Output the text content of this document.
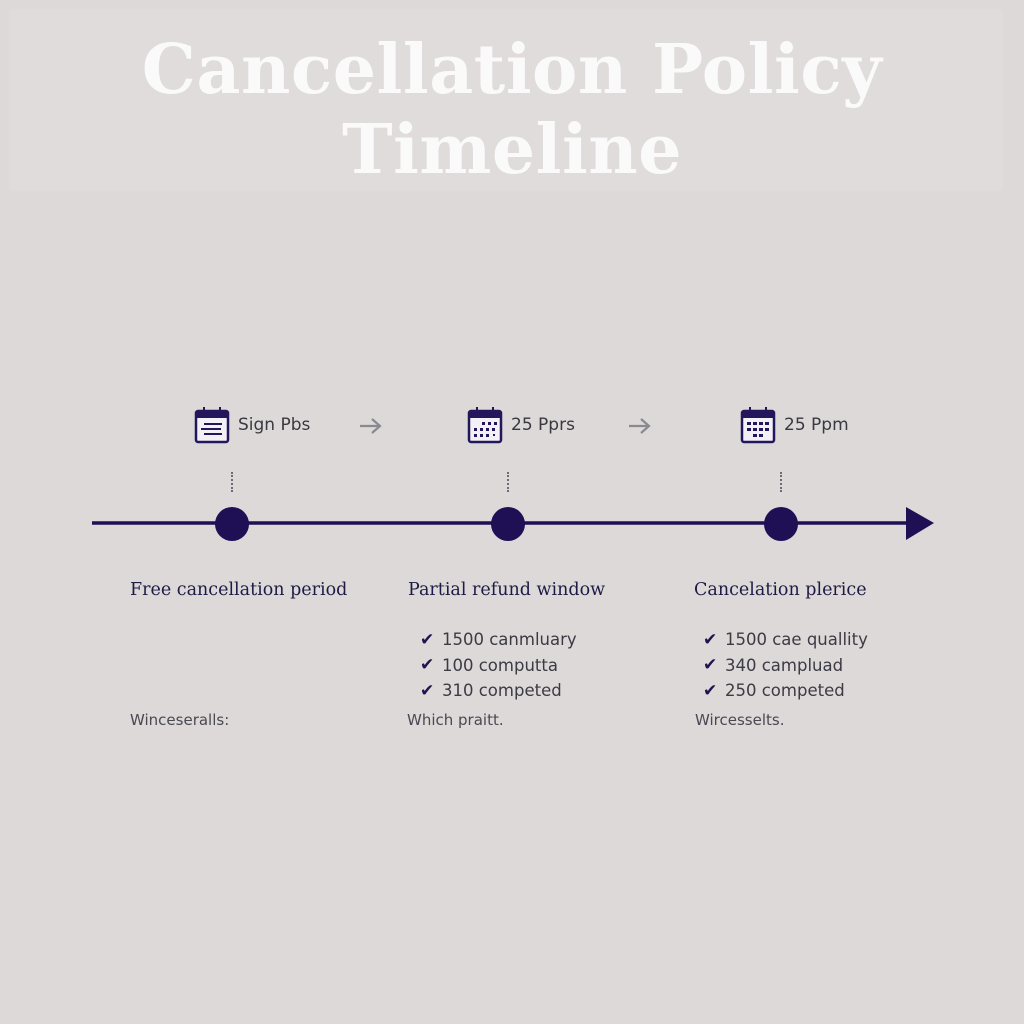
Cancellation Policy
Timeline
Sign Pbs	25 Pprs	25 Ppm
Free cancellation period
Winceseralls:
Partial refund window
✔ 1500 canmluary
✔ 100 computta
✔ 310 competed
Which praitt.
Cancelation plerice
✔ 1500 cae quallity
✔ 340 campluad
✔ 250 competed
Wircesselts.
